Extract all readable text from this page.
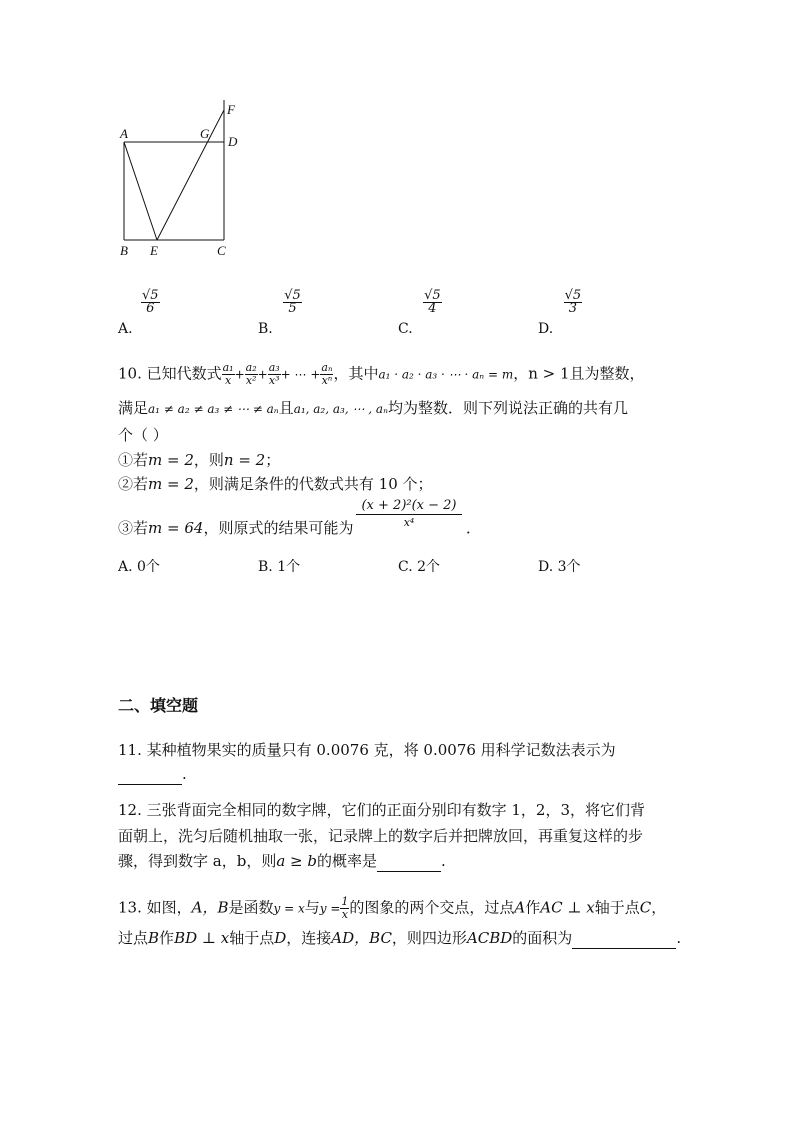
A	G
F
D
B E	C
A.
$\frac{√5}{6}$
B.
$\frac{√5}{5}$
C.
$\frac{√5}{4}$
D.
$\frac{√5}{3}$
10. 已知代数式 $\frac{\text{a₁}}{x} + \frac{\text{a₂}}{\text{x²}} + \frac{\text{a₃}}{\text{x³}}$ + ⋯ + $\frac{\text{aₙ}}{\text{xⁿ}}$ ，其中a₁ · a₂ · a₃ · ⋯ · aₙ = m，n > 1且为整数，
满足a₁ ≠ a₂ ≠ a₃ ≠ ⋯ ≠ aₙ且a₁, a₂, a₃, ⋯ , aₙ均为整数．则下列说法正确的共有几
个（ ）
①若m = 2，则n = 2；
②若m = 2，则满足条件的代数式共有 10 个；
③若m = 64，则原式的结果可能为
(x + 2)²(x − 2)
x⁴	．
A. 0个	B. 1个	C. 2个	D. 3个
二、填空题
11. 某种植物果实的质量只有 0.0076 克，将 0.0076 用科学记数法表示为
.
12. 三张背面完全相同的数字牌，它们的正面分别印有数字 1，2，3，将它们背
面朝上，洗匀后随机抽取一张，记录牌上的数字后并把牌放回，再重复这样的步
骤，得到数字 a，b，则a ≥ b的概率是	.
13. 如图，A，B是函数y = x与$y = \frac{1}{x}$ 的图象的两个交点，过点A作AC ⊥ x轴于点C，
过点B作BD ⊥ x轴于点D，连接AD，BC，则四边形ACBD的面积为	.
